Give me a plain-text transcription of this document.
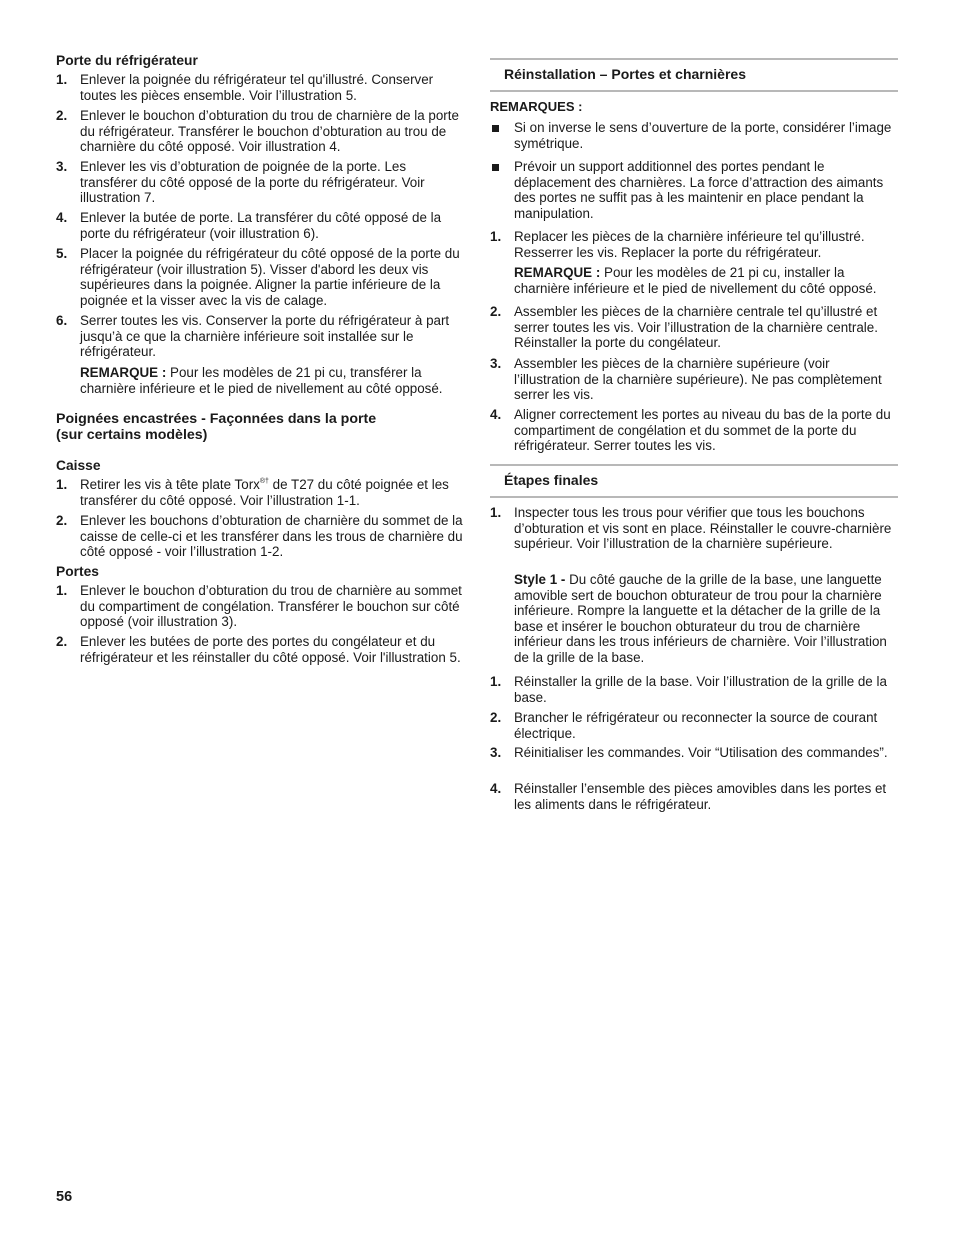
Porte du réfrigérateur
1. Enlever la poignée du réfrigérateur tel qu'illustré. Conserver toutes les pièces ensemble. Voir l’illustration 5.
2. Enlever le bouchon d’obturation du trou de charnière de la porte du réfrigérateur. Transférer le bouchon d’obturation au trou de charnière du côté opposé. Voir illustration 4.
3. Enlever les vis d’obturation de poignée de la porte. Les transférer du côté opposé de la porte du réfrigérateur. Voir illustration 7.
4. Enlever la butée de porte. La transférer du côté opposé de la porte du réfrigérateur (voir illustration 6).
5. Placer la poignée du réfrigérateur du côté opposé de la porte du réfrigérateur (voir illustration 5). Visser d'abord les deux vis supérieures dans la poignée. Aligner la partie inférieure de la poignée et la visser avec la vis de calage.
6. Serrer toutes les vis. Conserver la porte du réfrigérateur à part jusqu’à ce que la charnière inférieure soit installée sur le réfrigérateur.
REMARQUE : Pour les modèles de 21 pi cu, transférer la charnière inférieure et le pied de nivellement au côté opposé.
Poignées encastrées - Façonnées dans la porte
(sur certains modèles)
Caisse
1. Retirer les vis à tête plate Torx®† de T27 du côté poignée et les transférer du côté opposé. Voir l’illustration 1-1.
2. Enlever les bouchons d’obturation de charnière du sommet de la caisse de celle-ci et les transférer dans les trous de charnière du côté opposé - voir l’illustration 1-2.
Portes
1. Enlever le bouchon d’obturation du trou de charnière au sommet du compartiment de congélation. Transférer le bouchon sur côté opposé (voir illustration 3).
2. Enlever les butées de porte des portes du congélateur et du réfrigérateur et les réinstaller du côté opposé. Voir l'illustration 5.
Réinstallation – Portes et charnières
REMARQUES :
Si on inverse le sens d’ouverture de la porte, considérer l’image symétrique.
Prévoir un support additionnel des portes pendant le déplacement des charnières. La force d’attraction des aimants des portes ne suffit pas à les maintenir en place pendant la manipulation.
1. Replacer les pièces de la charnière inférieure tel qu’illustré. Resserrer les vis. Replacer la porte du réfrigérateur.
REMARQUE : Pour les modèles de 21 pi cu, installer la charnière inférieure et le pied de nivellement du côté opposé.
2. Assembler les pièces de la charnière centrale tel qu’illustré et serrer toutes les vis. Voir l’illustration de la charnière centrale. Réinstaller la porte du congélateur.
3. Assembler les pièces de la charnière supérieure (voir l’illustration de la charnière supérieure). Ne pas complètement serrer les vis.
4. Aligner correctement les portes au niveau du bas de la porte du compartiment de congélation et du sommet de la porte du réfrigérateur. Serrer toutes les vis.
Étapes finales
1. Inspecter tous les trous pour vérifier que tous les bouchons d’obturation et vis sont en place. Réinstaller le couvre-charnière supérieur. Voir l’illustration de la charnière supérieure.
Style 1 - Du côté gauche de la grille de la base, une languette amovible sert de bouchon obturateur de trou pour la charnière inférieure. Rompre la languette et la détacher de la grille de la base et insérer le bouchon obturateur du trou de charnière inférieur dans les trous inférieurs de charnière. Voir l’illustration de la grille de la base.
1. Réinstaller la grille de la base. Voir l’illustration de la grille de la base.
2. Brancher le réfrigérateur ou reconnecter la source de courant électrique.
3. Réinitialiser les commandes. Voir “Utilisation des commandes”.
4. Réinstaller l’ensemble des pièces amovibles dans les portes et les aliments dans le réfrigérateur.
56
